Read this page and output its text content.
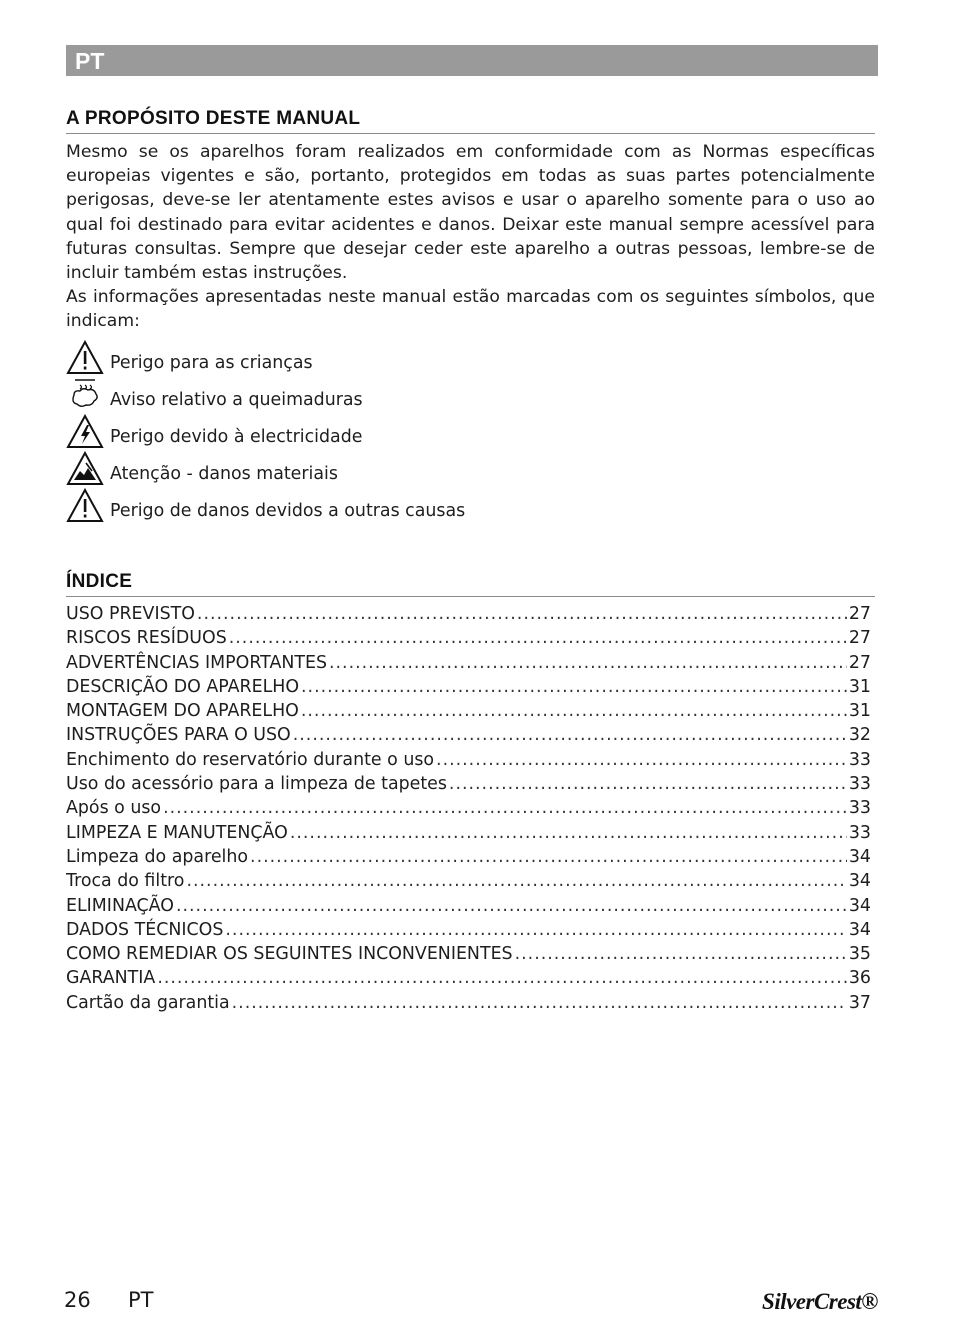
PT
A PROPÓSITO DESTE MANUAL

Mesmo se os aparelhos foram realizados em conformidade com as Normas específicas europeias vigentes e são, portanto, protegidos em todas as suas partes potencialmente perigosas, deve-se ler atentamente estes avisos e usar o aparelho somente para o uso ao qual foi destinado para evitar acidentes e danos. Deixar este manual sempre acessível para futuras consultas. Sempre que desejar ceder este aparelho a outras pessoas, lembre-se de incluir também estas instruções.

As informações apresentadas neste manual estão marcadas com os seguintes símbolos, que indicam:

Perigo para as crianças
Aviso relativo a queimaduras
Perigo devido à electricidade
Atenção - danos materiais
Perigo de danos devidos a outras causas
ÍNDICE
USO PREVISTO .....	27
RISCOS RESÍDUOS .....	27
ADVERTÊNCIAS IMPORTANTES .....	27
DESCRIÇÃO DO APARELHO .....	31
MONTAGEM DO APARELHO .....	31
INSTRUÇÕES PARA O USO .....	32
Enchimento do reservatório durante o uso .....	33
Uso do acessório para a limpeza de tapetes .....	33
Após o uso .....	33
LIMPEZA E MANUTENÇÃO .....	33
Limpeza do aparelho .....	34
Troca do filtro .....	34
ELIMINAÇÃO .....	34
DADOS TÉCNICOS .....	34
COMO REMEDIAR OS SEGUINTES INCONVENIENTES .....	35
GARANTIA .....	36
Cartão da garantia .....	37
26 PT	SilverCrest®
